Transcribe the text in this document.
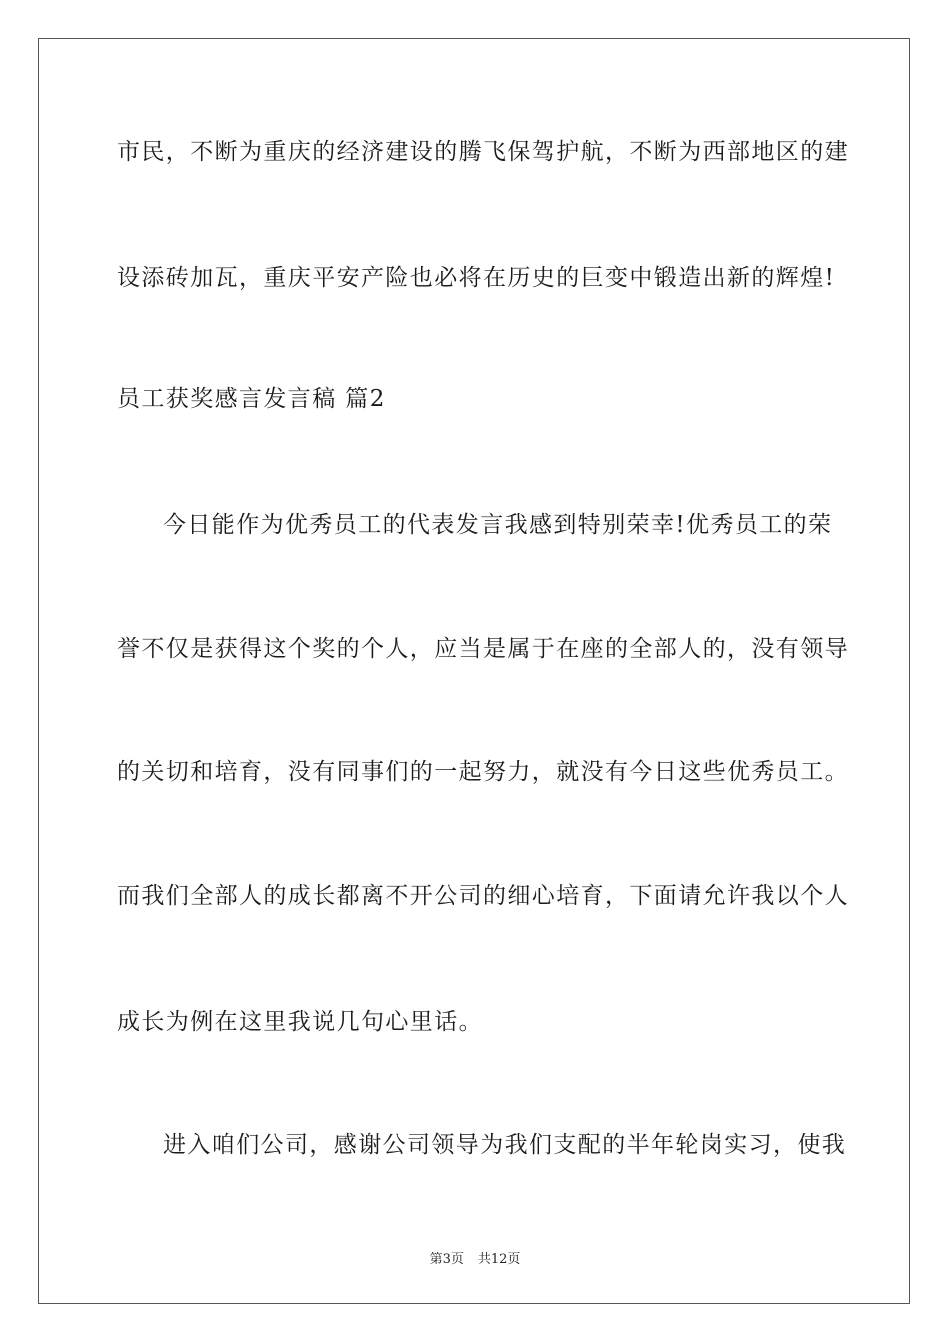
市民，不断为重庆的经济建设的腾飞保驾护航，不断为西部地区的建

设添砖加瓦，重庆平安产险也必将在历史的巨变中锻造出新的辉煌!

员工获奖感言发言稿 篇2

今日能作为优秀员工的代表发言我感到特别荣幸!优秀员工的荣

誉不仅是获得这个奖的个人，应当是属于在座的全部人的，没有领导

的关切和培育，没有同事们的一起努力，就没有今日这些优秀员工。

而我们全部人的成长都离不开公司的细心培育，下面请允许我以个人

成长为例在这里我说几句心里话。

进入咱们公司，感谢公司领导为我们支配的半年轮岗实习，使我

第3页 共12页
